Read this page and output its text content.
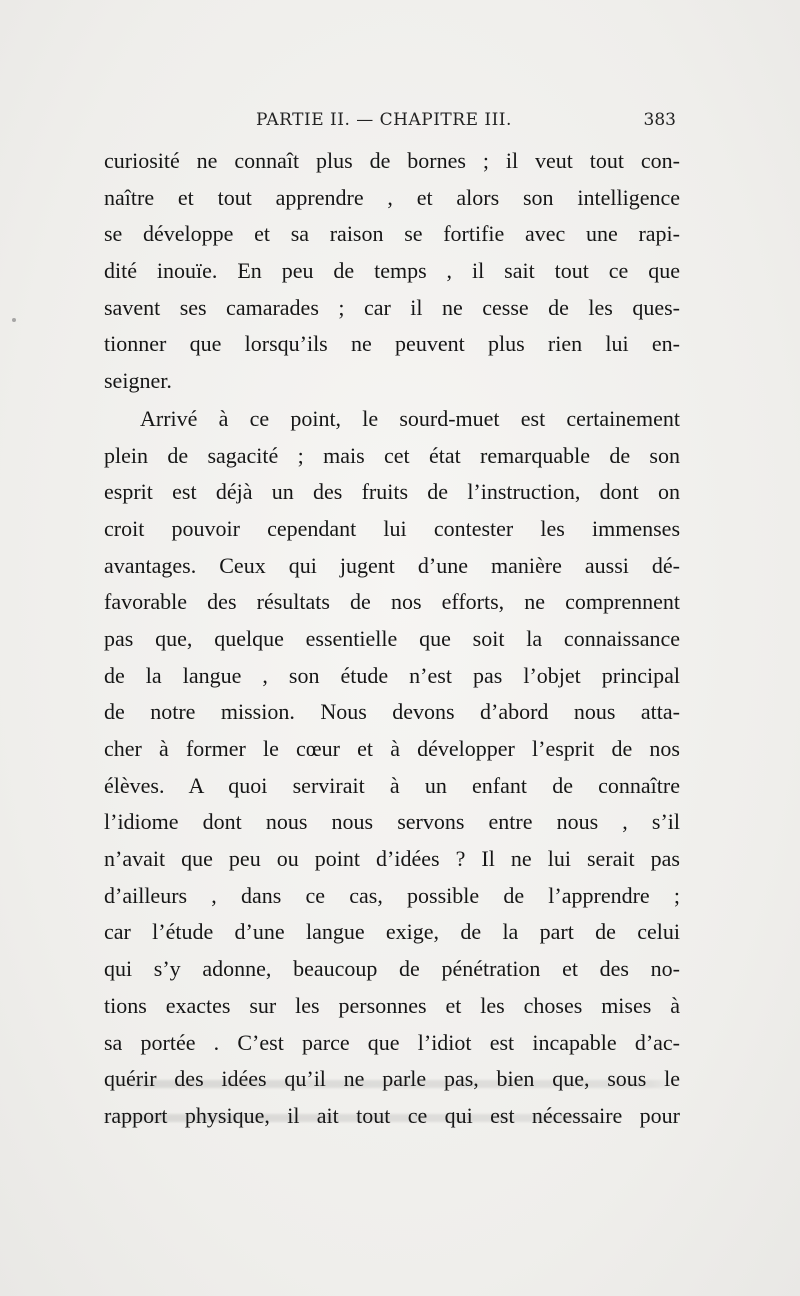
PARTIE II. — CHAPITRE III.	383
curiosité ne connaît plus de bornes ; il veut tout con-
naître et tout apprendre , et alors son intelligence
se développe et sa raison se fortifie avec une rapi-
dité inouïe. En peu de temps , il sait tout ce que
savent ses camarades ; car il ne cesse de les ques-
tionner que lorsqu’ils ne peuvent plus rien lui en-
seigner.
Arrivé à ce point, le sourd-muet est certainement
plein de sagacité ; mais cet état remarquable de son
esprit est déjà un des fruits de l’instruction, dont on
croit pouvoir cependant lui contester les immenses
avantages. Ceux qui jugent d’une manière aussi dé-
favorable des résultats de nos efforts, ne comprennent
pas que, quelque essentielle que soit la connaissance
de la langue , son étude n’est pas l’objet principal
de notre mission. Nous devons d’abord nous atta-
cher à former le cœur et à développer l’esprit de nos
élèves. A quoi servirait à un enfant de connaître
l’idiome dont nous nous servons entre nous , s’il
n’avait que peu ou point d’idées ? Il ne lui serait pas
d’ailleurs , dans ce cas, possible de l’apprendre ;
car l’étude d’une langue exige, de la part de celui
qui s’y adonne, beaucoup de pénétration et des no-
tions exactes sur les personnes et les choses mises à
sa portée . C’est parce que l’idiot est incapable d’ac-
quérir des idées qu’il ne parle pas, bien que, sous le
rapport physique, il ait tout ce qui est nécessaire pour
